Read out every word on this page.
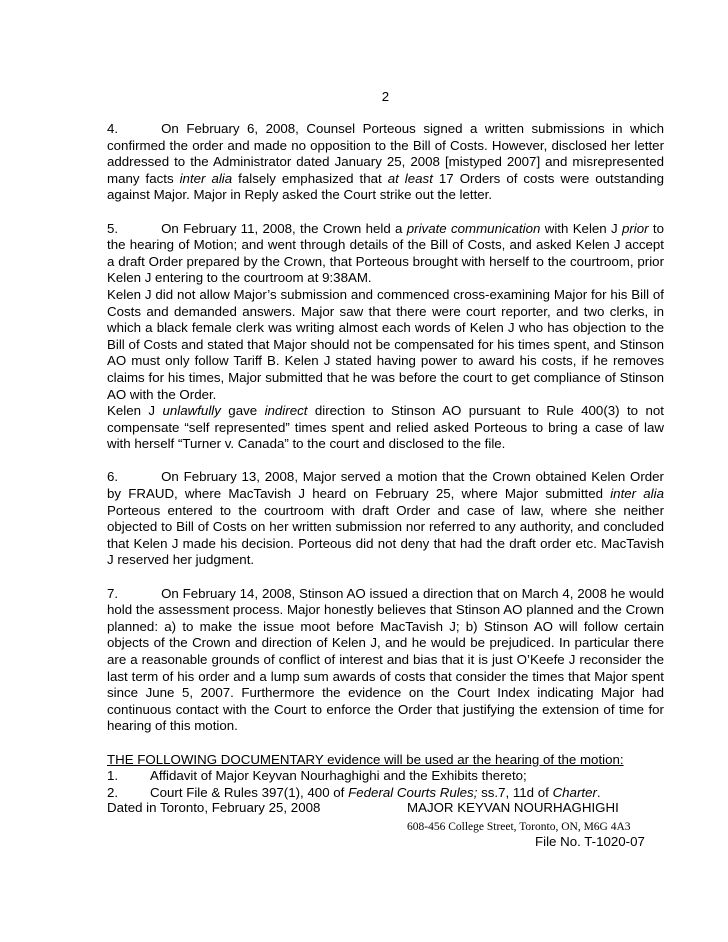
2

4.	On February 6, 2008, Counsel Porteous signed a written submissions in which confirmed the order and made no opposition to the Bill of Costs. However, disclosed her letter addressed to the Administrator dated January 25, 2008 [mistyped 2007] and misrepresented many facts inter alia falsely emphasized that at least 17 Orders of costs were outstanding against Major. Major in Reply asked the Court strike out the letter.

5.	On February 11, 2008, the Crown held a private communication with Kelen J prior to the hearing of Motion; and went through details of the Bill of Costs, and asked Kelen J accept a draft Order prepared by the Crown, that Porteous brought with herself to the courtroom, prior Kelen J entering to the courtroom at 9:38AM.

Kelen J did not allow Major’s submission and commenced cross-examining Major for his Bill of Costs and demanded answers. Major saw that there were court reporter, and two clerks, in which a black female clerk was writing almost each words of Kelen J who has objection to the Bill of Costs and stated that Major should not be compensated for his times spent, and Stinson AO must only follow Tariff B. Kelen J stated having power to award his costs, if he removes claims for his times, Major submitted that he was before the court to get compliance of Stinson AO with the Order.

Kelen J unlawfully gave indirect direction to Stinson AO pursuant to Rule 400(3) to not compensate “self represented” times spent and relied asked Porteous to bring a case of law with herself “Turner v. Canada” to the court and disclosed to the file.

6.	On February 13, 2008, Major served a motion that the Crown obtained Kelen Order by FRAUD, where MacTavish J heard on February 25, where Major submitted inter alia Porteous entered to the courtroom with draft Order and case of law, where she neither objected to Bill of Costs on her written submission nor referred to any authority, and concluded that Kelen J made his decision. Porteous did not deny that had the draft order etc. MacTavish J reserved her judgment.

7.	On February 14, 2008, Stinson AO issued a direction that on March 4, 2008 he would hold the assessment process. Major honestly believes that Stinson AO planned and the Crown planned: a) to make the issue moot before MacTavish J; b) Stinson AO will follow certain objects of the Crown and direction of Kelen J, and he would be prejudiced. In particular there are a reasonable grounds of conflict of interest and bias that it is just O’Keefe J reconsider the last term of his order and a lump sum awards of costs that consider the times that Major spent since June 5, 2007. Furthermore the evidence on the Court Index indicating Major had continuous contact with the Court to enforce the Order that justifying the extension of time for hearing of this motion.

THE FOLLOWING DOCUMENTARY evidence will be used ar the hearing of the motion:

1.	Affidavit of Major Keyvan Nourhaghighi and the Exhibits thereto;
2.	Court File & Rules 397(1), 400 of Federal Courts Rules; ss.7, 11d of Charter.
Dated in Toronto, February 25, 2008	MAJOR KEYVAN NOURHAGHIGHI
608-456 College Street, Toronto, ON, M6G 4A3
File No. T-1020-07
